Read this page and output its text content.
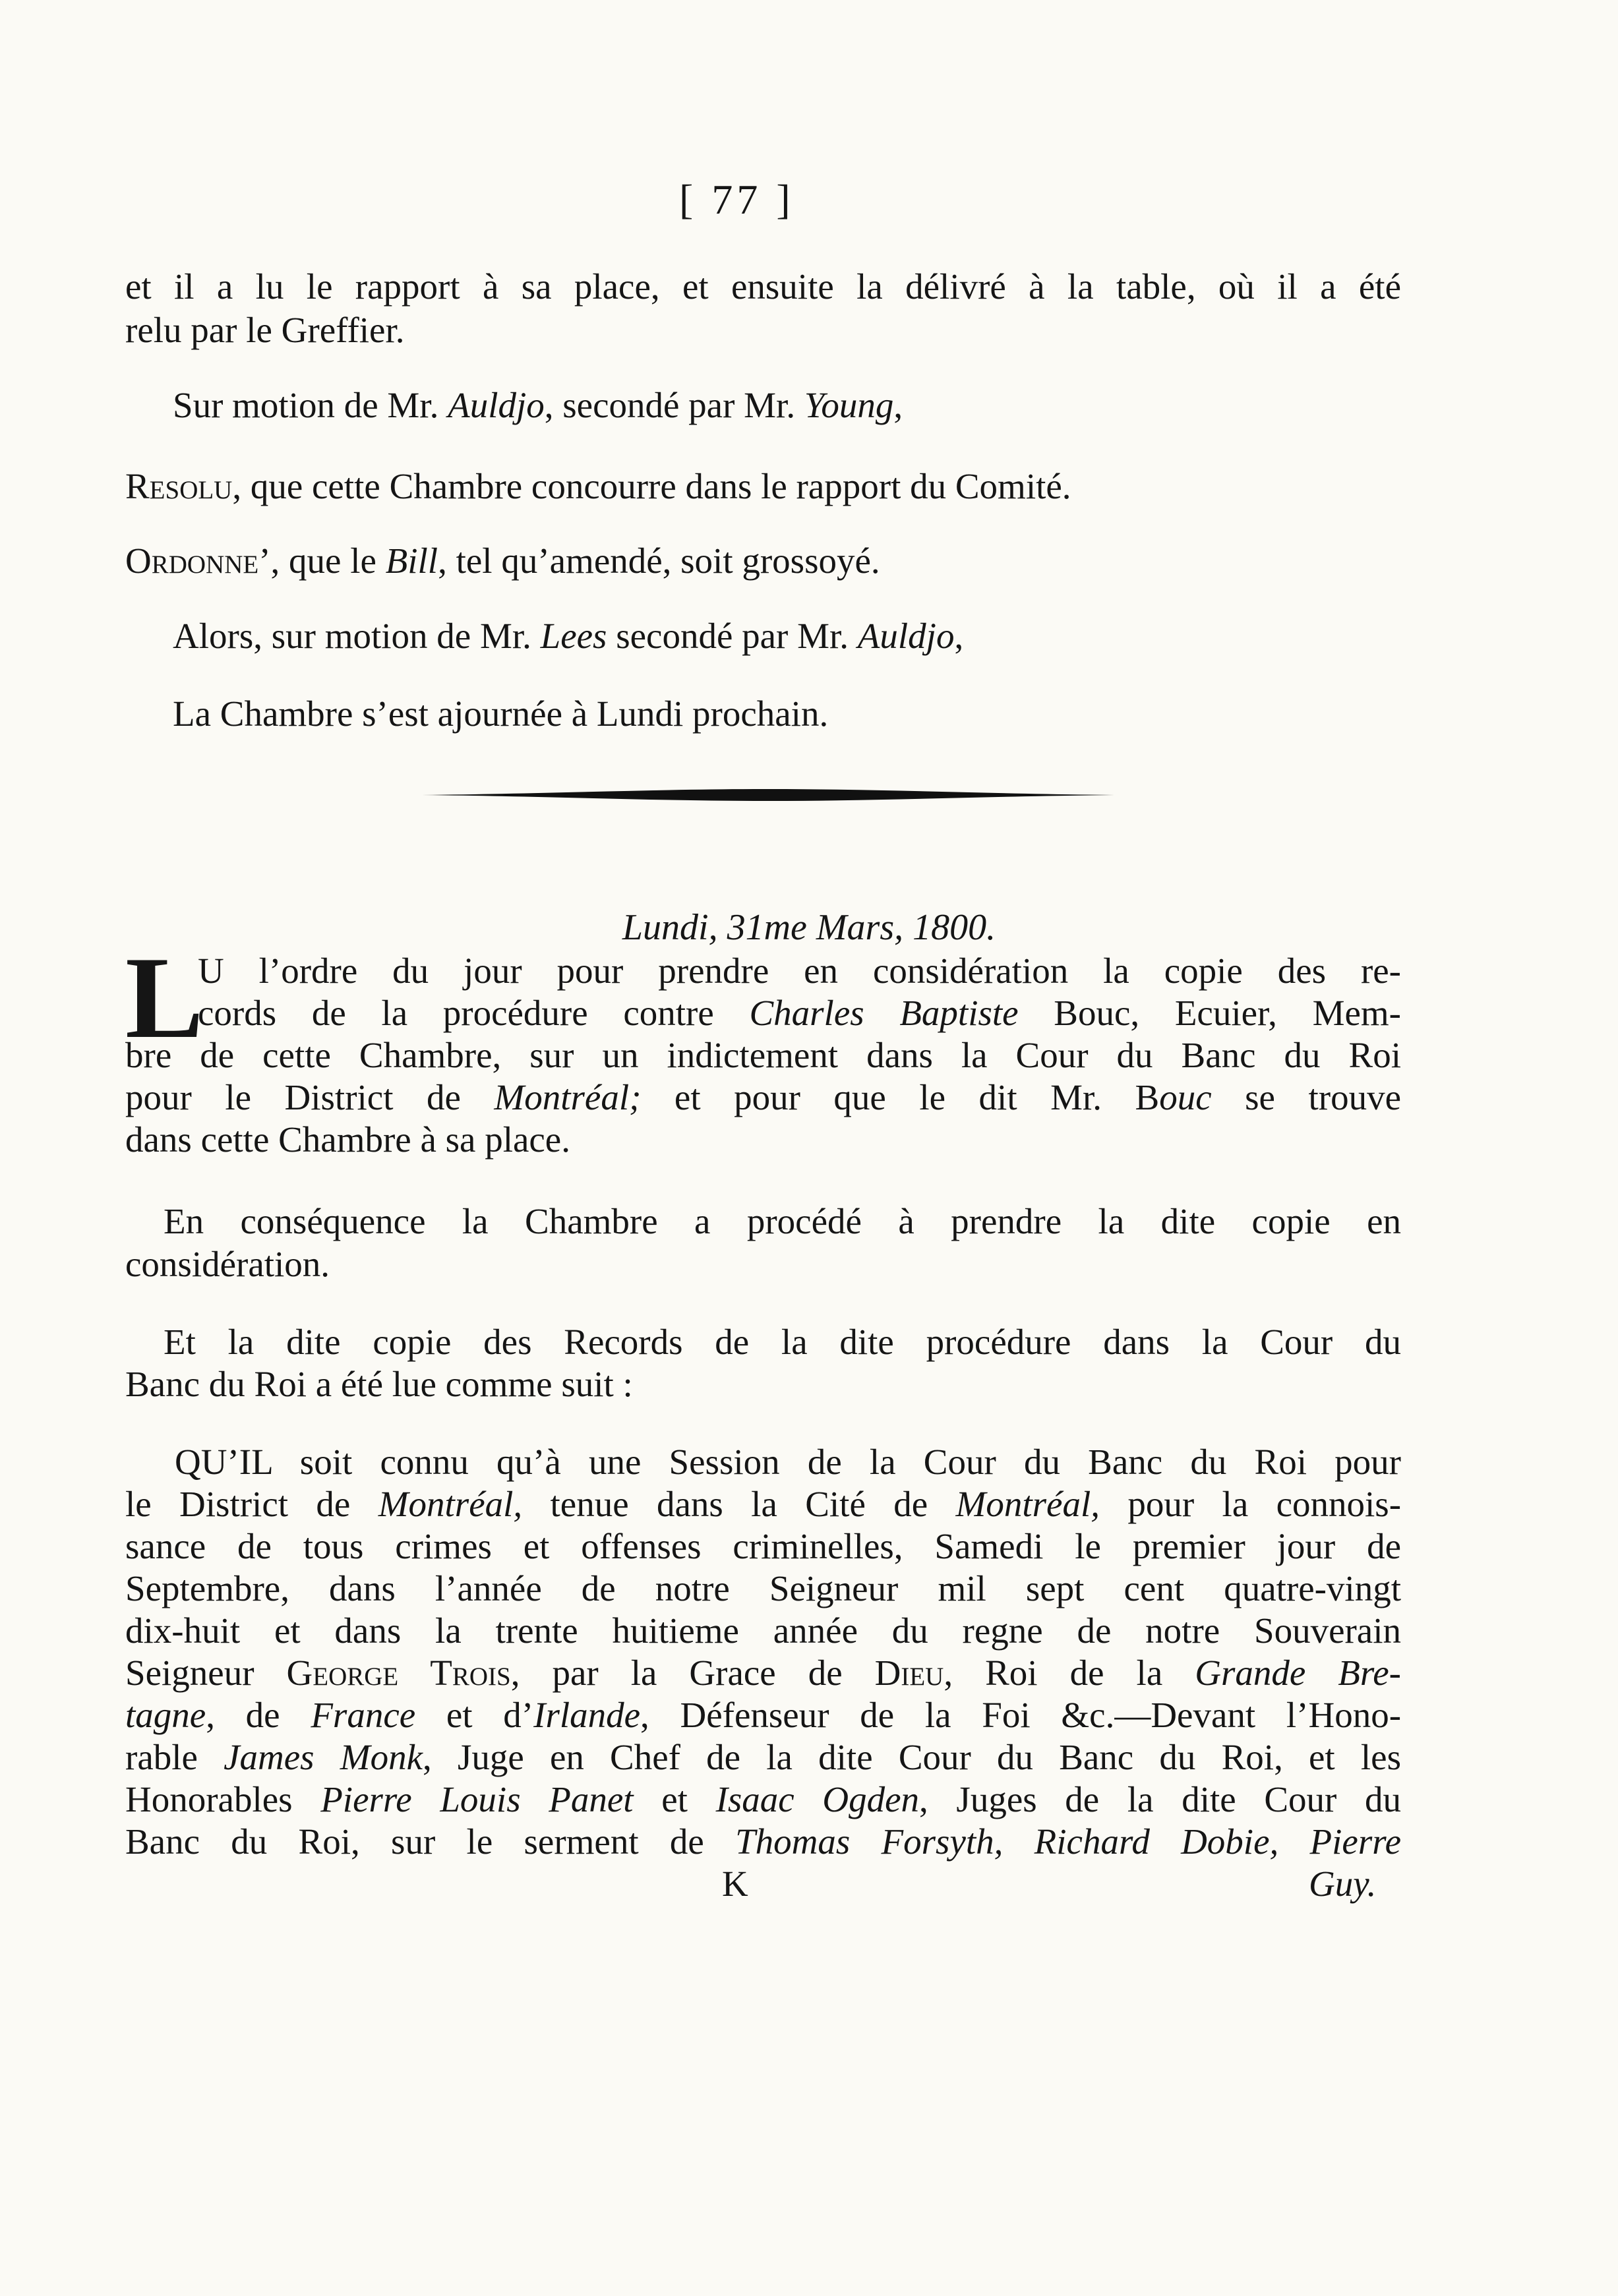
[ 77 ]

et il a lu le rapport à sa place, et ensuite la délivré à la table, où il a été

relu par le Greffier.

Sur motion de Mr. Auldjo, secondé par Mr. Young,

Resolu, que cette Chambre concourre dans le rapport du Comité.

Ordonne’, que le Bill, tel qu’amendé, soit grossoyé.

Alors, sur motion de Mr. Lees secondé par Mr. Auldjo,

La Chambre s’est ajournée à Lundi prochain.

Lundi, 31me Mars, 1800.

L

U l’ordre du jour pour prendre en considération la copie des re-

cords de la procédure contre Charles Baptiste Bouc, Ecuier, Mem-

bre de cette Chambre, sur un indictement dans la Cour du Banc du Roi

pour le District de Montréal; et pour que le dit Mr. Bouc se trouve

dans cette Chambre à sa place.

En conséquence la Chambre a procédé à prendre la dite copie en

considération.

Et la dite copie des Records de la dite procédure dans la Cour du

Banc du Roi a été lue comme suit :

QU’IL soit connu qu’à une Session de la Cour du Banc du Roi pour

le District de Montréal, tenue dans la Cité de Montréal, pour la connois-

sance de tous crimes et offenses criminelles, Samedi le premier jour de

Septembre, dans l’année de notre Seigneur mil sept cent quatre-vingt

dix-huit et dans la trente huitieme année du regne de notre Souverain

Seigneur George Trois, par la Grace de Dieu, Roi de la Grande Bre-

tagne, de France et d’Irlande, Défenseur de la Foi &c.—Devant l’Hono-

rable James Monk, Juge en Chef de la dite Cour du Banc du Roi, et les

Honorables Pierre Louis Panet et Isaac Ogden, Juges de la dite Cour du

Banc du Roi, sur le serment de Thomas Forsyth, Richard Dobie, Pierre

K	Guy.
